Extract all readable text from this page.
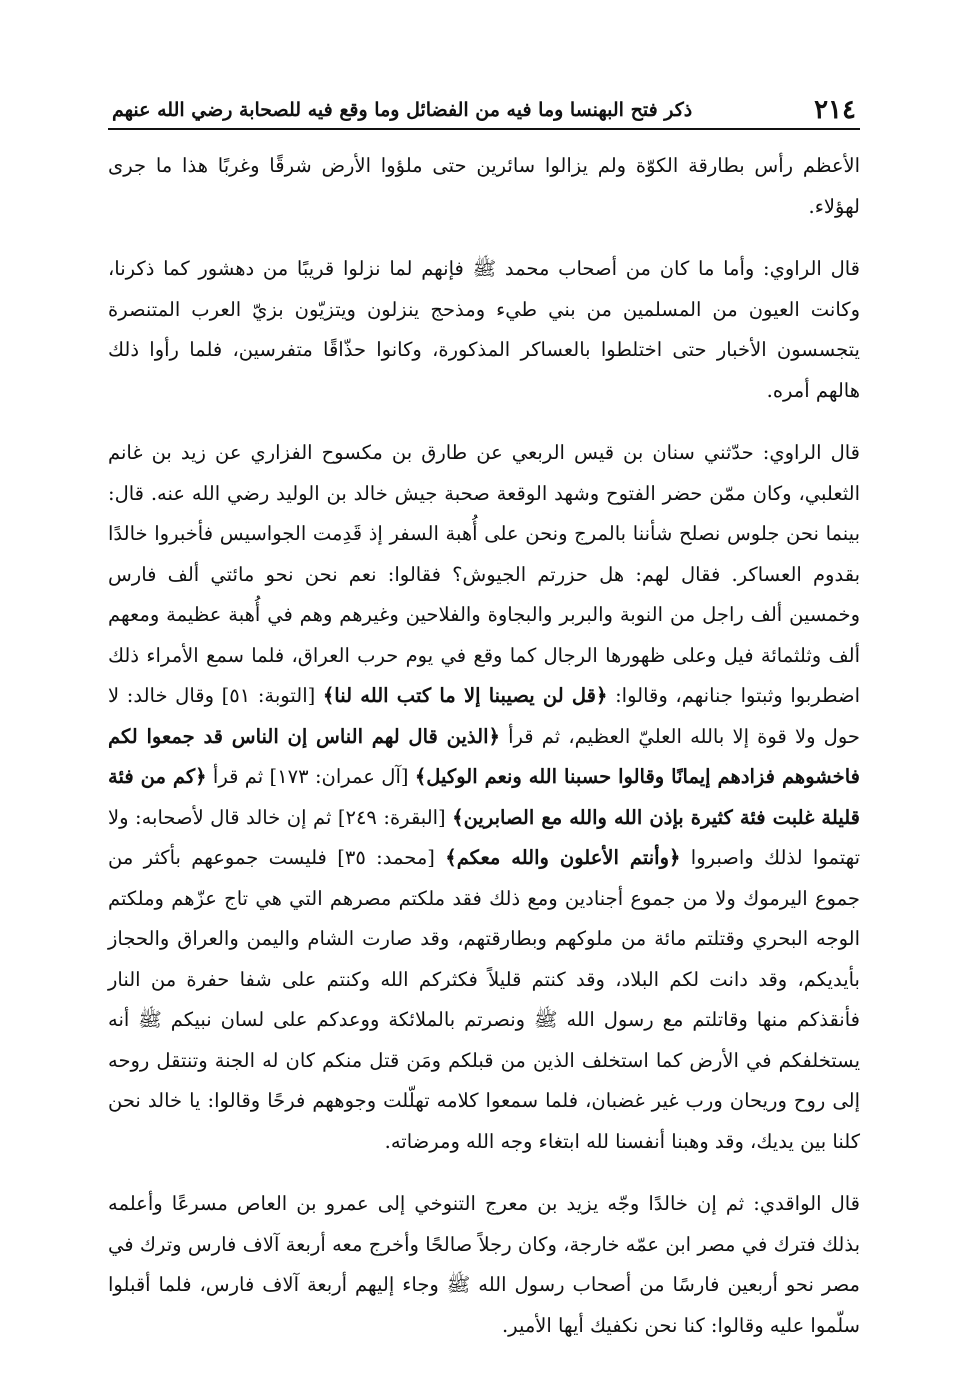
٢١٤
ذكر فتح البهنسا وما فيه من الفضائل وما وقع فيه للصحابة رضي الله عنهم

الأعظم رأس بطارقة الكوّة ولم يزالوا سائرين حتى ملؤوا الأرض شرقًا وغربًا هذا ما جرى لهؤلاء.

قال الراوي: وأما ما كان من أصحاب محمد ﷺ فإنهم لما نزلوا قريبًا من دهشور كما ذكرنا، وكانت العيون من المسلمين من بني طيء ومذحج ينزلون ويتزيّون بزيّ العرب المتنصرة يتجسسون الأخبار حتى اختلطوا بالعساكر المذكورة، وكانوا حذّاقًا متفرسين، فلما رأوا ذلك هالهم أمره.

قال الراوي: حدّثني سنان بن قيس الربعي عن طارق بن مكسوح الفزاري عن زيد بن غانم الثعلبي، وكان ممّن حضر الفتوح وشهد الوقعة صحبة جيش خالد بن الوليد رضي الله عنه. قال: بينما نحن جلوس نصلح شأننا بالمرج ونحن على أُهبة السفر إذ قَدِمت الجواسيس فأخبروا خالدًا بقدوم العساكر. فقال لهم: هل حزرتم الجيوش؟ فقالوا: نعم نحن نحو مائتي ألف فارس وخمسين ألف راجل من النوبة والبربر والبجاوة والفلاحين وغيرهم وهم في أُهبة عظيمة ومعهم ألف وثلثمائة فيل وعلى ظهورها الرجال كما وقع في يوم حرب العراق، فلما سمع الأمراء ذلك اضطربوا وثبتوا جنانهم، وقالوا: ﴿قل لن يصيبنا إلا ما كتب الله لنا﴾ [التوبة: ٥١] وقال خالد: لا حول ولا قوة إلا بالله العليّ العظيم، ثم قرأ ﴿الذين قال لهم الناس إن الناس قد جمعوا لكم فاخشوهم فزادهم إيمانًا وقالوا حسبنا الله ونعم الوكيل﴾ [آل عمران: ١٧٣] ثم قرأ ﴿كم من فئة قليلة غلبت فئة كثيرة بإذن الله والله مع الصابرين﴾ [البقرة: ٢٤٩] ثم إن خالد قال لأصحابه: ولا تهتموا لذلك واصبروا ﴿وأنتم الأعلون والله معكم﴾ [محمد: ٣٥] فليست جموعهم بأكثر من جموع اليرموك ولا من جموع أجنادين ومع ذلك فقد ملكتم مصرهم التي هي تاج عزّهم وملكتم الوجه البحري وقتلتم مائة من ملوكهم وبطارقتهم، وقد صارت الشام واليمن والعراق والحجاز بأيديكم، وقد دانت لكم البلاد، وقد كنتم قليلاً فكثركم الله وكنتم على شفا حفرة من النار فأنقذكم منها وقاتلتم مع رسول الله ﷺ ونصرتم بالملائكة ووعدكم على لسان نبيكم ﷺ أنه يستخلفكم في الأرض كما استخلف الذين من قبلكم ومَن قتل منكم كان له الجنة وتنتقل روحه إلى روح وريحان ورب غير غضبان، فلما سمعوا كلامه تهلّلت وجوههم فرحًا وقالوا: يا خالد نحن كلنا بين يديك، وقد وهبنا أنفسنا لله ابتغاء وجه الله ومرضاته.

قال الواقدي: ثم إن خالدًا وجّه يزيد بن معرج التنوخي إلى عمرو بن العاص مسرعًا وأعلمه بذلك فترك في مصر ابن عمّه خارجة، وكان رجلاً صالحًا وأخرج معه أربعة آلاف فارس وترك في مصر نحو أربعين فارسًا من أصحاب رسول الله ﷺ وجاء إليهم أربعة آلاف فارس، فلما أقبلوا سلّموا عليه وقالوا: كنا نحن نكفيك أيها الأمير.
